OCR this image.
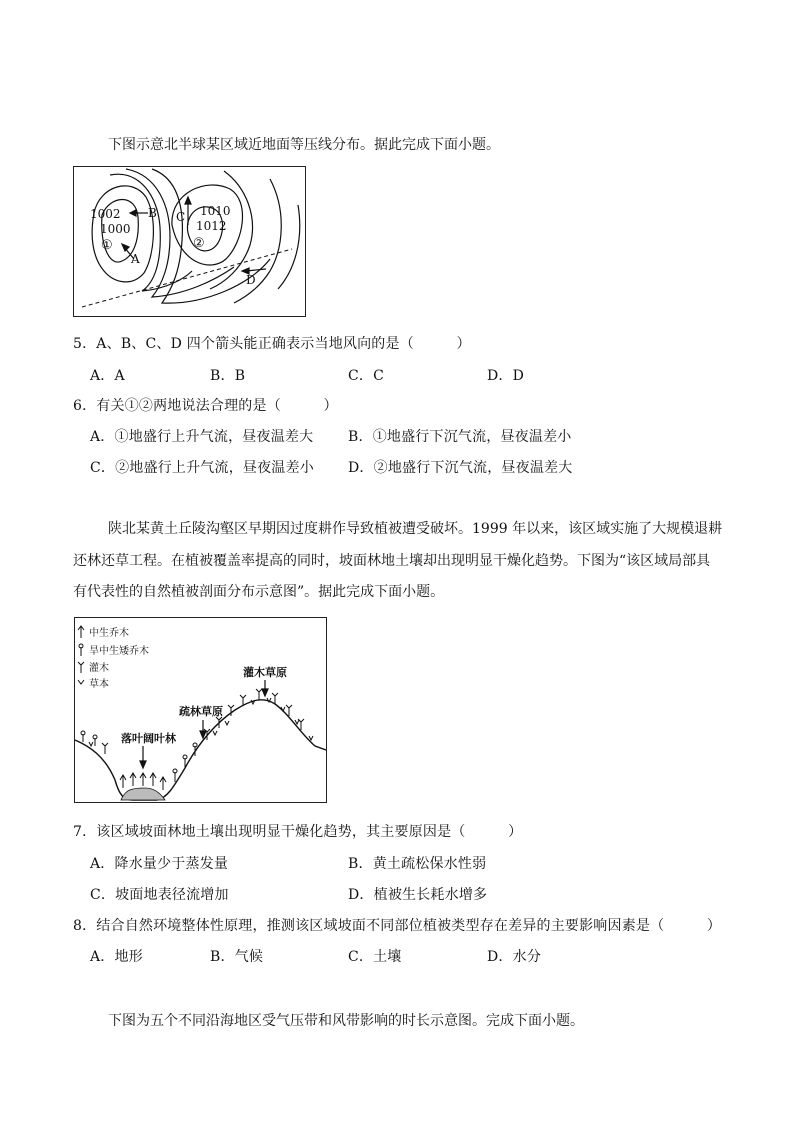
下图示意北半球某区域近地面等压线分布。据此完成下面小题。
1002
1000
①
B
A
C 1010
1012
②
D
5．A、B、C、D 四个箭头能正确表示当地风向的是（　　　）
A．A	B．B	C．C	D．D
6．有关①②两地说法合理的是（　　　）
A．①地盛行上升气流，昼夜温差大 B．①地盛行下沉气流，昼夜温差小
C．②地盛行上升气流，昼夜温差小 D．②地盛行下沉气流，昼夜温差大
陕北某黄土丘陵沟壑区早期因过度耕作导致植被遭受破坏。1999 年以来，该区域实施了大规模退耕
还林还草工程。在植被覆盖率提高的同时，坡面林地土壤却出现明显干燥化趋势。下图为“该区域局部具
有代表性的自然植被剖面分布示意图”。据此完成下面小题。
中生乔木
旱中生矮乔木
灌木
草本
灌木草原
疏林草原
落叶阔叶林
7．该区域坡面林地土壤出现明显干燥化趋势，其主要原因是（　　　）
A．降水量少于蒸发量	B．黄土疏松保水性弱
C．坡面地表径流增加	D．植被生长耗水增多
8．结合自然环境整体性原理，推测该区域坡面不同部位植被类型存在差异的主要影响因素是（　　　）
A．地形	B．气候	C．土壤	D．水分
下图为五个不同沿海地区受气压带和风带影响的时长示意图。完成下面小题。
